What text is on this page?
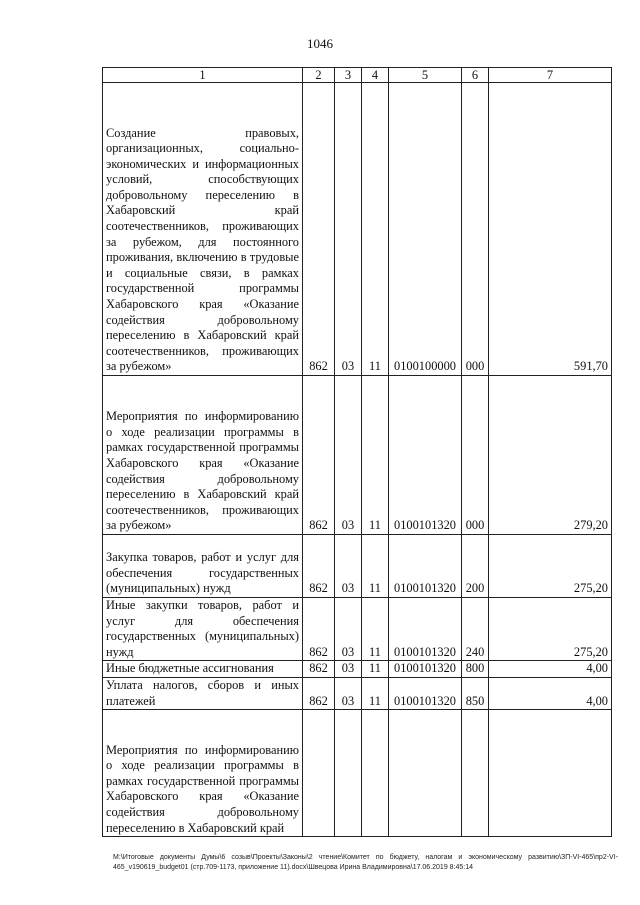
1046
1	2	3	4	5	6	7
Создание правовых, организационных, социально-экономических и информационных условий, способствующих добровольному переселению в Хабаровский край соотечественников, проживающих за рубежом, для постоянного проживания, включению в трудовые и социальные связи, в рамках государственной программы Хабаровского края «Оказание содействия добровольному переселению в Хабаровский край соотечественников, проживающих за рубежом»	862	03	11	0100100000	000	591,70
Мероприятия по информированию о ходе реализации программы в рамках государственной программы Хабаровского края «Оказание содействия добровольному переселению в Хабаровский край соотечественников, проживающих за рубежом»	862	03	11	0100101320	000	279,20
Закупка товаров, работ и услуг для обеспечения государственных (муниципальных) нужд	862	03	11	0100101320	200	275,20
Иные закупки товаров, работ и услуг для обеспечения государственных (муниципальных) нужд	862	03	11	0100101320	240	275,20
Иные бюджетные ассигнования	862	03	11	0100101320	800	4,00
Уплата налогов, сборов и иных платежей	862	03	11	0100101320	850	4,00
Мероприятия по информированию о ходе реализации программы в рамках государственной программы Хабаровского края «Оказание содействия добровольному переселению в Хабаровский край						
M:\Итоговые документы Думы\6 созыв\Проекты\Законы\2 чтение\Комитет по бюджету, налогам и экономическому развитию\ЗП-VI-465\пр2-VI-465_v190619_budget01 (стр.709-1173, приложение 11).docx\Швецова Ирина Владимировна\17.06.2019 8:45:14
